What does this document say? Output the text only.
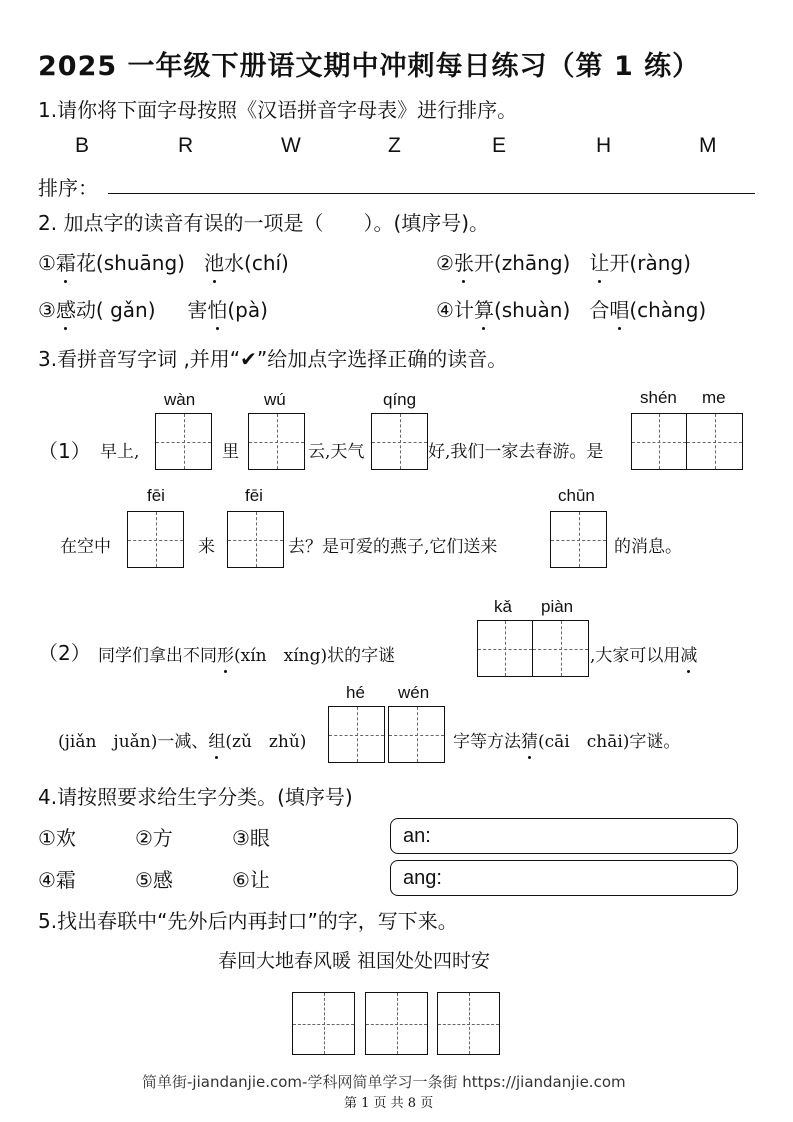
2025 一年级下册语文期中冲刺每日练习（第 1 练）
1.请你将下面字母按照《汉语拼音字母表》进行排序。
B	R	W	Z	E	H	M
排序：
2. 加点字的读音有误的一项是（　　）。(填序号)。
①霜花(shuāng) 池水(chí)	②张开(zhāng) 让开(ràng)
③感动( gǎn) 害怕(pà)	④计算(shuàn) 合唱(chàng)
3.看拼音写字词 ,并用“✔”给加点字选择正确的读音。
（1） 早上,	里	云,天气	好,我们一家去春游。是
wàn	wú	qíng	shén me
在空中	来	去？是可爱的燕子,它们送来	的消息。
fēi	fēi	chūn
（2） 同学们拿出不同形(xín　xíng)状的字谜
kǎ piàn
,大家可以用减
(jiǎn　juǎn)一减、组(zǔ　zhǔ)
hé wén
字等方法猜(cāi　chāi)字谜。
4.请按照要求给生字分类。(填序号)
①欢	②方	③眼
④霜	⑤感	⑥让
an:
ang:
5.找出春联中“先外后内再封口”的字，写下来。
春回大地春风暖 祖国处处四时安
简单街-jiandanjie.com-学科网简单学习一条街 https://jiandanjie.com
第 1 页 共 8 页
